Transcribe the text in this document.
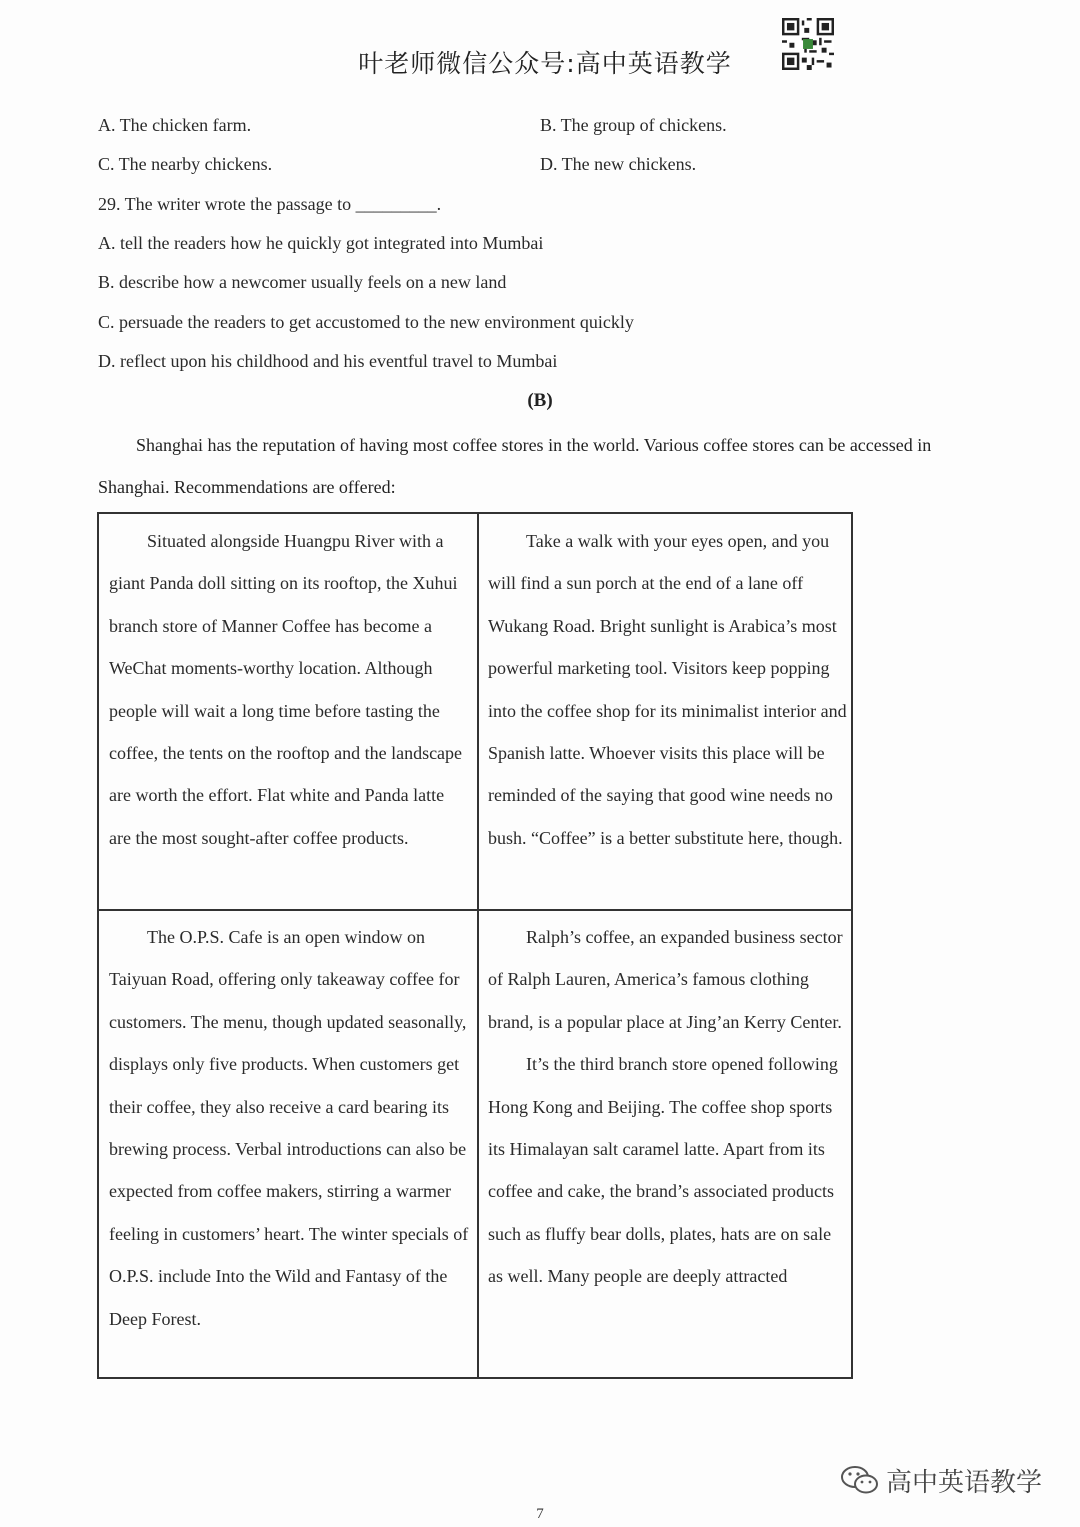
叶老师微信公众号:高中英语教学
A. The chicken farm.	B. The group of chickens.
C. The nearby chickens.	D. The new chickens.
29. The writer wrote the passage to _________.
A. tell the readers how he quickly got integrated into Mumbai
B. describe how a newcomer usually feels on a new land
C. persuade the readers to get accustomed to the new environment quickly
D. reflect upon his childhood and his eventful travel to Mumbai
(B)
Shanghai has the reputation of having most coffee stores in the world. Various coffee stores can be accessed in Shanghai. Recommendations are offered:

Situated alongside Huangpu River with a giant Panda doll sitting on its rooftop, the Xuhui branch store of Manner Coffee has become a WeChat moments-worthy location. Although people will wait a long time before tasting the coffee, the tents on the rooftop and the landscape are worth the effort. Flat white and Panda latte are the most sought-after coffee products.

Take a walk with your eyes open, and you will find a sun porch at the end of a lane off Wukang Road. Bright sunlight is Arabica’s most powerful marketing tool. Visitors keep popping into the coffee shop for its minimalist interior and Spanish latte. Whoever visits this place will be reminded of the saying that good wine needs no bush. “Coffee” is a better substitute here, though.

The O.P.S. Cafe is an open window on Taiyuan Road, offering only takeaway coffee for customers. The menu, though updated seasonally, displays only five products. When customers get their coffee, they also receive a card bearing its brewing process. Verbal introductions can also be expected from coffee makers, stirring a warmer feeling in customers’ heart. The winter specials of O.P.S. include Into the Wild and Fantasy of the Deep Forest.

Ralph’s coffee, an expanded business sector of Ralph Lauren, America’s famous clothing brand, is a popular place at Jing’an Kerry Center.

It’s the third branch store opened following Hong Kong and Beijing. The coffee shop sports its Himalayan salt caramel latte. Apart from its coffee and cake, the brand’s associated products such as fluffy bear dolls, plates, hats are on sale as well. Many people are deeply attracted

高中英语教学
7
